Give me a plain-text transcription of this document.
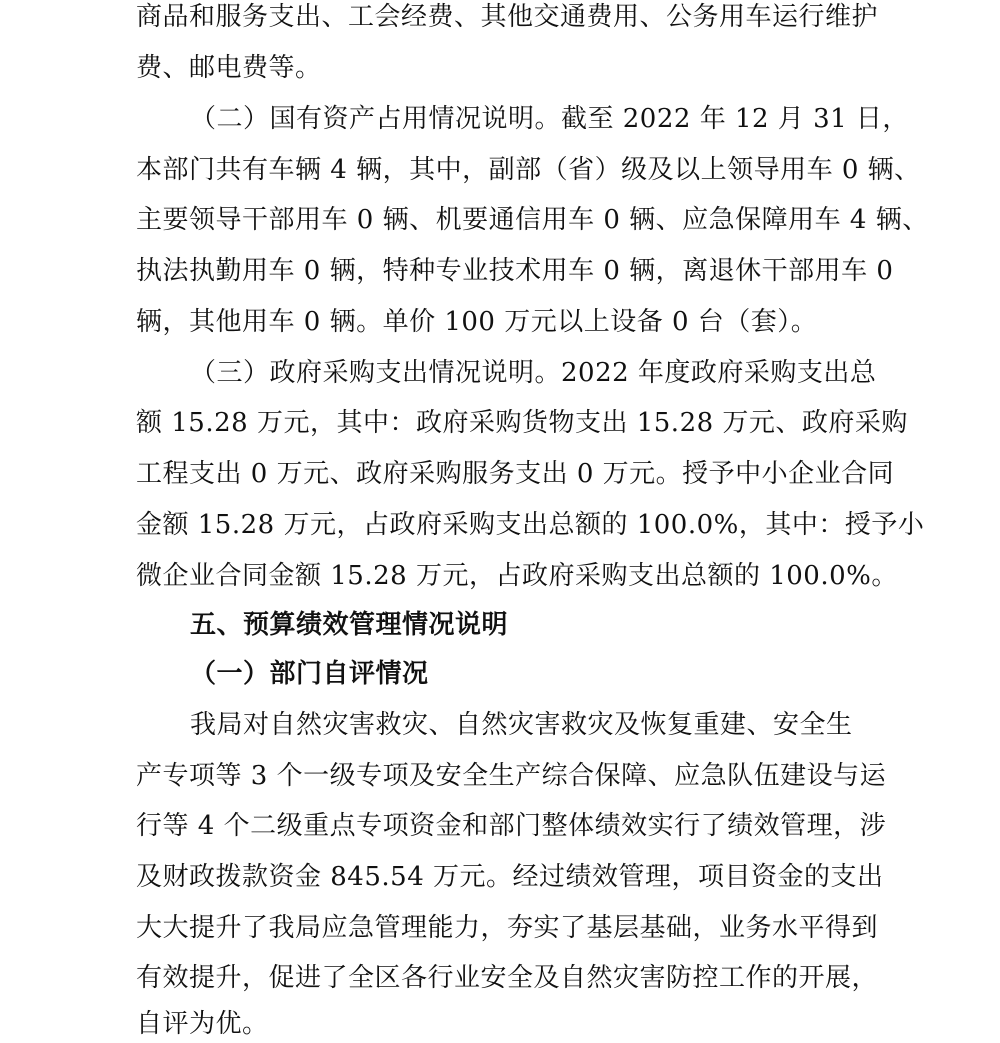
商品和服务支出、工会经费、其他交通费用、公务用车运行维护
费、邮电费等。
（二）国有资产占用情况说明。截至 2022 年 12 月 31 日，
本部门共有车辆 4 辆，其中，副部（省）级及以上领导用车 0 辆、
主要领导干部用车 0 辆、机要通信用车 0 辆、应急保障用车 4 辆、
执法执勤用车 0 辆，特种专业技术用车 0 辆，离退休干部用车 0
辆，其他用车 0 辆。单价 100 万元以上设备 0 台（套）。
（三）政府采购支出情况说明。2022 年度政府采购支出总
额 15.28 万元，其中：政府采购货物支出 15.28 万元、政府采购
工程支出 0 万元、政府采购服务支出 0 万元。授予中小企业合同
金额 15.28 万元，占政府采购支出总额的 100.0%，其中：授予小
微企业合同金额 15.28 万元，占政府采购支出总额的 100.0%。
五、预算绩效管理情况说明
（一）部门自评情况
我局对自然灾害救灾、自然灾害救灾及恢复重建、安全生
产专项等 3 个一级专项及安全生产综合保障、应急队伍建设与运
行等 4 个二级重点专项资金和部门整体绩效实行了绩效管理，涉
及财政拨款资金 845.54 万元。经过绩效管理，项目资金的支出
大大提升了我局应急管理能力，夯实了基层基础，业务水平得到
有效提升，促进了全区各行业安全及自然灾害防控工作的开展，
自评为优。
